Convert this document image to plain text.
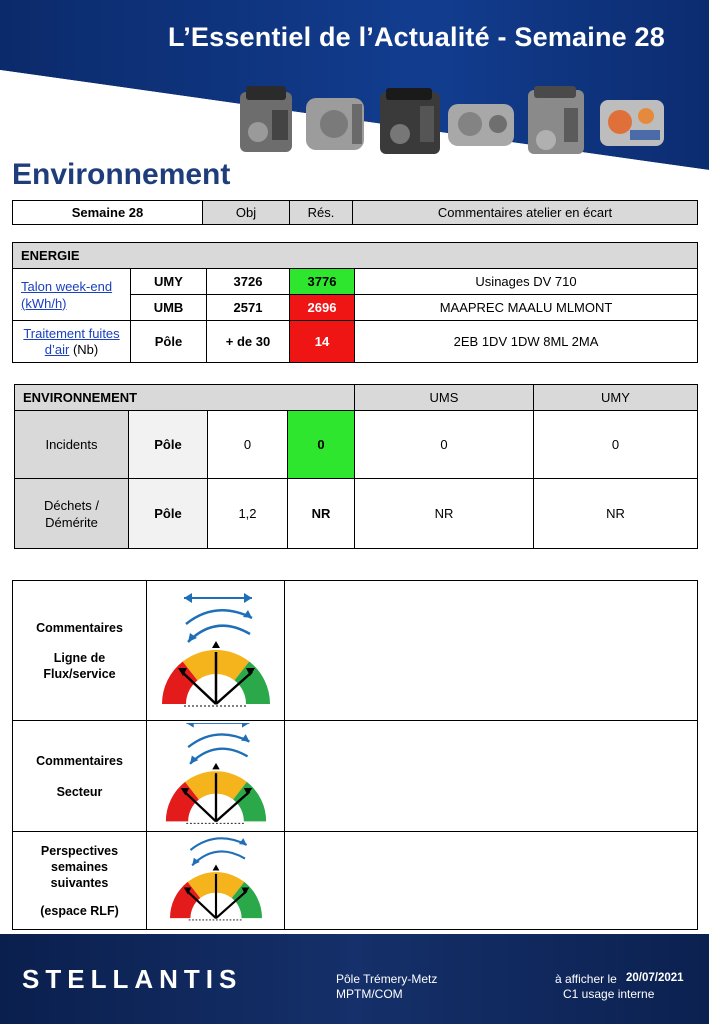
L’Essentiel de l’Actualité - Semaine 28
Environnement
Semaine 28	Obj	Rés.	Commentaires atelier en écart
ENERGIE				
Talon week-end (kWh/h)	UMY	3726	3776	Usinages DV 710
	UMB	2571	2696	MAAPREC MAALU MLMONT
Traitement fuites d’air (Nb)	Pôle	+ de 30	14	2EB 1DV 1DW 8ML 2MA
ENVIRONNEMENT				UMS	UMY
Incidents	Pôle	0	0	0	0
Déchets / Démérite	Pôle	1,2	NR	NR	NR
Commentaires
Ligne de
Flux/service

Commentaires
Secteur

Perspectives
semaines
suivantes
(espace RLF)

STELLANTIS	Pôle Trémery-Metz
MPTM/COM
à afficher le 20/07/2021
C1 usage interne
